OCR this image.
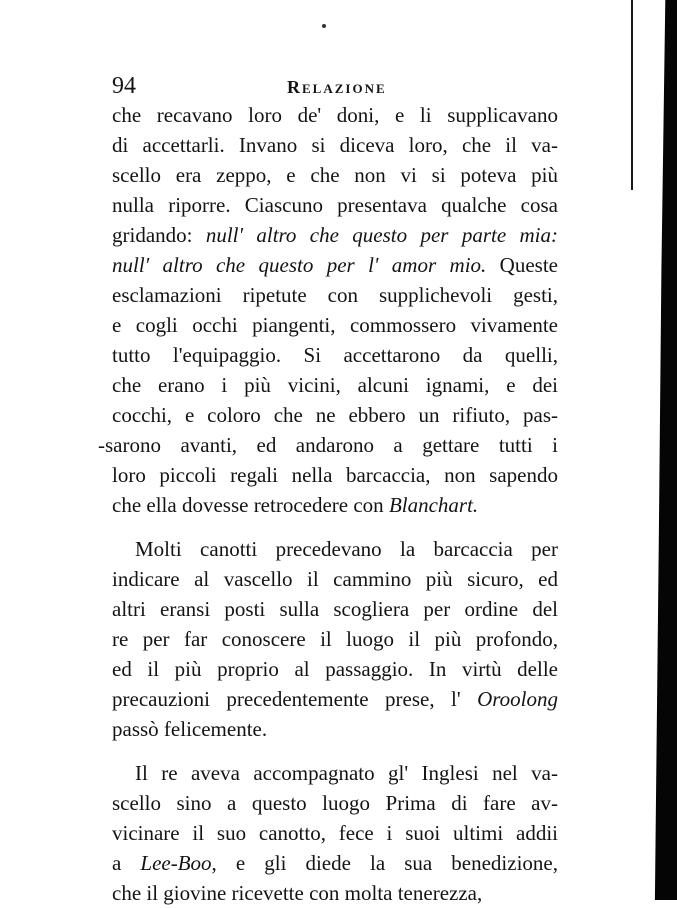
94	Relazione
che recavano loro de' doni, e li supplicavano
di accettarli. Invano si diceva loro, che il va-
scello era zeppo, e che non vi si poteva più
nulla riporre. Ciascuno presentava qualche cosa
gridando: null' altro che questo per parte mia:
null' altro che questo per l' amor mio. Queste
esclamazioni ripetute con supplichevoli gesti,
e cogli occhi piangenti, commossero vivamente
tutto l'equipaggio. Si accettarono da quelli,
che erano i più vicini, alcuni ignami, e dei
cocchi, e coloro che ne ebbero un rifiuto, pas-
-sarono avanti, ed andarono a gettare tutti i
loro piccoli regali nella barcaccia, non sapendo
che ella dovesse retrocedere con Blanchart.
Molti canotti precedevano la barcaccia per
indicare al vascello il cammino più sicuro, ed
altri eransi posti sulla scogliera per ordine del
re per far conoscere il luogo il più profondo,
ed il più proprio al passaggio. In virtù delle
precauzioni precedentemente prese, l' Oroolong
passò felicemente.
Il re aveva accompagnato gl' Inglesi nel va-
scello sino a questo luogo Prima di fare av-
vicinare il suo canotto, fece i suoi ultimi addii
a Lee-Boo, e gli diede la sua benedizione,
che il giovine ricevette con molta tenerezza,
